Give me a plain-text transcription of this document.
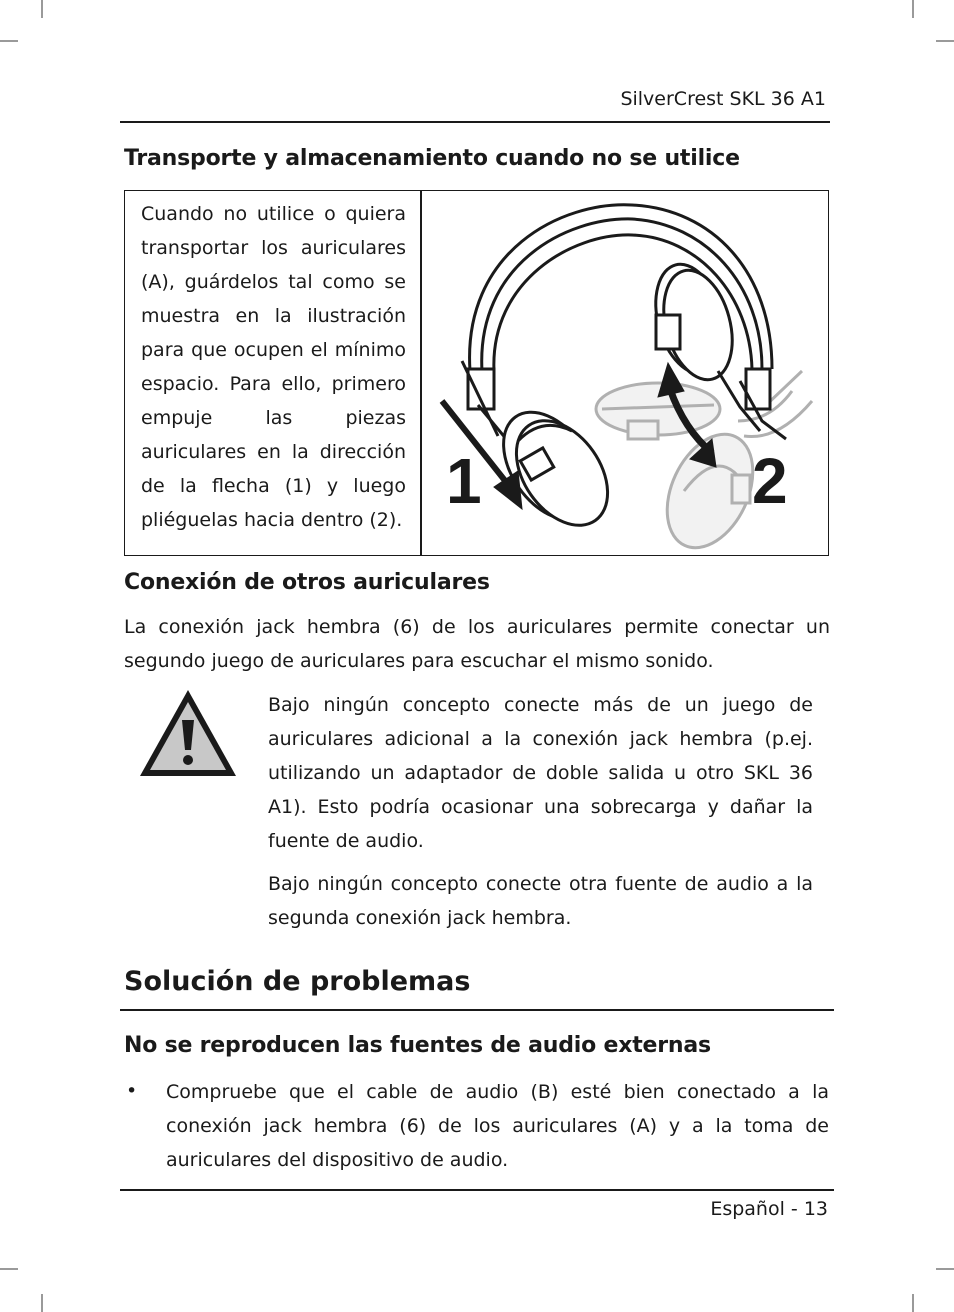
SilverCrest SKL 36 A1
Transporte y almacenamiento cuando no se utilice
Cuando no utilice o quiera transportar los auriculares (A), guárdelos tal como se muestra en la ilustración para que ocupen el mínimo espacio. Para ello, primero empuje las piezas auriculares en la dirección de la flecha (1) y luego pliéguelas hacia dentro (2).
1	2
Conexión de otros auriculares
La conexión jack hembra (6) de los auriculares permite conectar un segundo juego de auriculares para escuchar el mismo sonido.
Bajo ningún concepto conecte más de un juego de auriculares adicional a la conexión jack hembra (p.ej. utilizando un adaptador de doble salida u otro SKL 36 A1). Esto podría ocasionar una sobrecarga y dañar la fuente de audio.
Bajo ningún concepto conecte otra fuente de audio a la segunda conexión jack hembra.
Solución de problemas
No se reproducen las fuentes de audio externas
• Compruebe que el cable de audio (B) esté bien conectado a la conexión jack hembra (6) de los auriculares (A) y a la toma de auriculares del dispositivo de audio.
Español - 13
